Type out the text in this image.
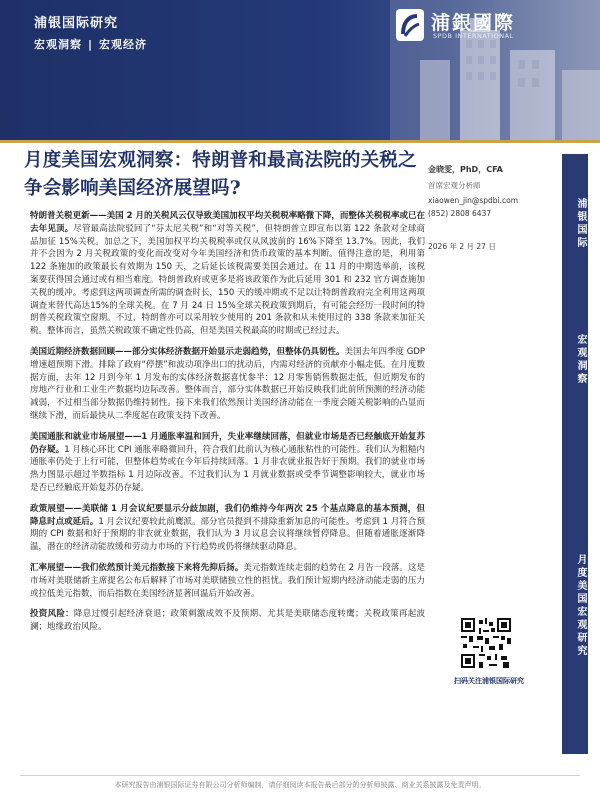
浦银国际研究
宏观洞察 | 宏观经济
浦銀國際
SPDB INTERNATIONAL
月度美国宏观洞察：特朗普和最高法院的关税之争会影响美国经济展望吗?
金晓雯，PhD，CFA
首席宏观分析师
xiaowen_jin@spdbi.com
(852) 2808 6437
2026 年 2 月 27 日	浦银国际
宏观洞察
月度美国宏观研究

特朗普关税更新——美国 2 月的关税风云仅导致美国加权平均关税税率略微下降，而整体关税税率或已在去年见顶。尽管最高法院驳回了“芬太尼关税”和“对等关税”，但特朗普立即宣布以第 122 条款对全球商品加征 15%关税。加总之下，美国加权平均关税税率或仅从风波前的 16%下降至 13.7%。因此，我们并不会因为 2 月关税政策的变化而改变对今年美国经济和货币政策的基本判断。值得注意的是，利用第 122 条施加的政策最长有效期为 150 天，之后延长该税需要美国会通过。在 11 月的中期选举前，该税案要获得国会通过或有相当难度。特朗普政府或更多是将该政策作为此后延用 301 和 232 官方调查施加关税的缓冲。考虑到这两项调查所需的调查时长，150 天的缓冲期或不足以让特朗普政府完全利用这两项调查来替代高达15%的全球关税。在 7 月 24 日 15%全球关税政策到期后，有可能会经历一段时间的特朗普关税政策空窗期。不过，特朗普亦可以采用较少使用的 201 条款和从未使用过的 338 条款来加征关税。整体而言，虽然关税政策不确定性仍高，但是美国关税最高的时期或已经过去。

美国近期经济数据回顾——部分实体经济数据开始显示走弱趋势，但整体仍具韧性。美国去年四季度 GDP 增速超预期下滑。排除了政府“停摆”和波动项净出口的扰动后，内需对经济的贡献亦小幅走低。在月度数据方面，去年 12 月到今年 1 月发布的实体经济数据喜忧参半：12 月零售销售数据走低，但近期发布的房地产行业和工业生产数据均边际改善。整体而言，部分实体数据已开始反映我们此前所预测的经济动能减弱，不过相当部分数据仍维持韧性。接下来我们依然预计美国经济动能在一季度会随关税影响的凸显而继续下滑，而后最快从二季度起在政策支持下改善。

美国通胀和就业市场展望——1 月通胀率温和回升，失业率继续回落，但就业市场是否已经触底开始复苏仍存疑。1 月核心环比 CPI 通胀率略微回升，符合我们此前认为核心通胀粘性的可能性。我们认为粗糙内通胀率仍处于上行可能，但整体趋势或在今年后持续回落。1 月非农就业报告好于预期。我们的就业市场热力图显示超过半数指标 1 月边际改善。不过我们认为 1 月就业数据或受季节调整影响较大，就业市场是否已经触底开始复苏仍存疑。

政策展望——美联储 1 月会议纪要显示分歧加剧，我们仍维持今年两次 25 个基点降息的基本预测，但降息时点或延后。1 月会议纪要较此前鹰派。部分官员提到不排除重新加息的可能性。考虑到 1 月符合预期的 CPI 数据和好于预期的非农就业数据，我们认为 3 月议息会议将继续暂停降息。但随着通胀逐渐降温，潜在的经济动能放缓和劳动力市场的下行趋势或仍将继续驱动降息。

汇率展望——我们依然预计美元指数接下来将先抑后扬。美元指数连续走弱的趋势在 2 月告一段落。这是市场对美联储新主席提名公布后解释了市场对美联储独立性的担忧。我们预计短期内经济动能走弱的压力或拉低美元指数，而后指数在美国经济显著回温后开始改善。

投资风险：降息过慢引起经济衰退；政策刺激成效不及预期、尤其是美联储态度转鹰；关税政策再起波澜；地缘政治风险。

扫码关注浦银国际研究
本研究报告由浦银国际证券有限公司分析师编制，请仔细阅读本报告最后部分的分析师披露、商业关系披露及免责声明。
